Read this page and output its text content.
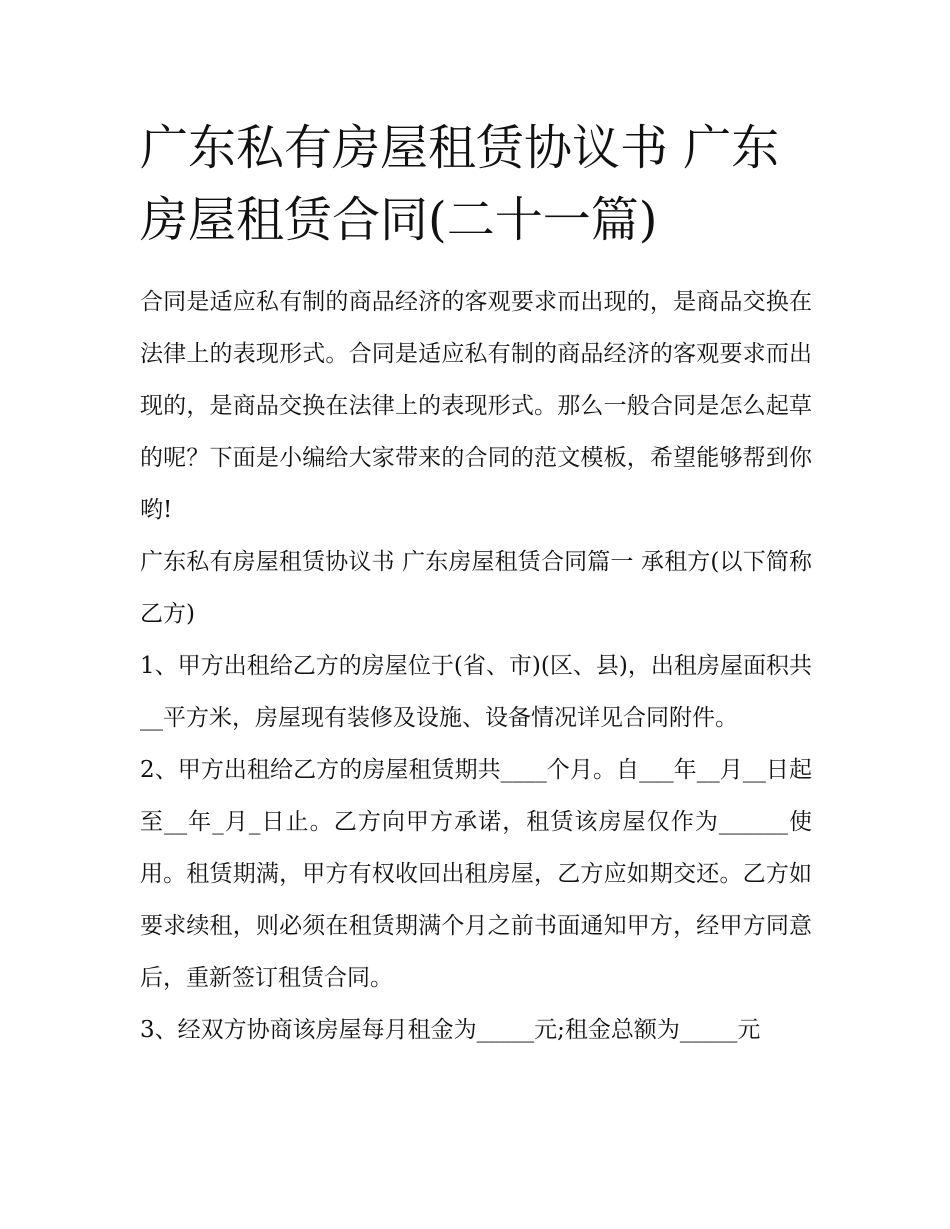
广东私有房屋租赁协议书 广东房屋租赁合同(二十一篇)

合同是适应私有制的商品经济的客观要求而出现的，是商品交换在法律上的表现形式。合同是适应私有制的商品经济的客观要求而出现的，是商品交换在法律上的表现形式。那么一般合同是怎么起草的呢？下面是小编给大家带来的合同的范文模板，希望能够帮到你哟!

广东私有房屋租赁协议书 广东房屋租赁合同篇一 承租方(以下简称乙方)

1、甲方出租给乙方的房屋位于(省、市)(区、县)，出租房屋面积共__平方米，房屋现有装修及设施、设备情况详见合同附件。

2、甲方出租给乙方的房屋租赁期共____个月。自___年__月__日起至__年_月_日止。乙方向甲方承诺，租赁该房屋仅作为______使用。租赁期满，甲方有权收回出租房屋，乙方应如期交还。乙方如要求续租，则必须在租赁期满个月之前书面通知甲方，经甲方同意后，重新签订租赁合同。

3、经双方协商该房屋每月租金为_____元;租金总额为_____元
